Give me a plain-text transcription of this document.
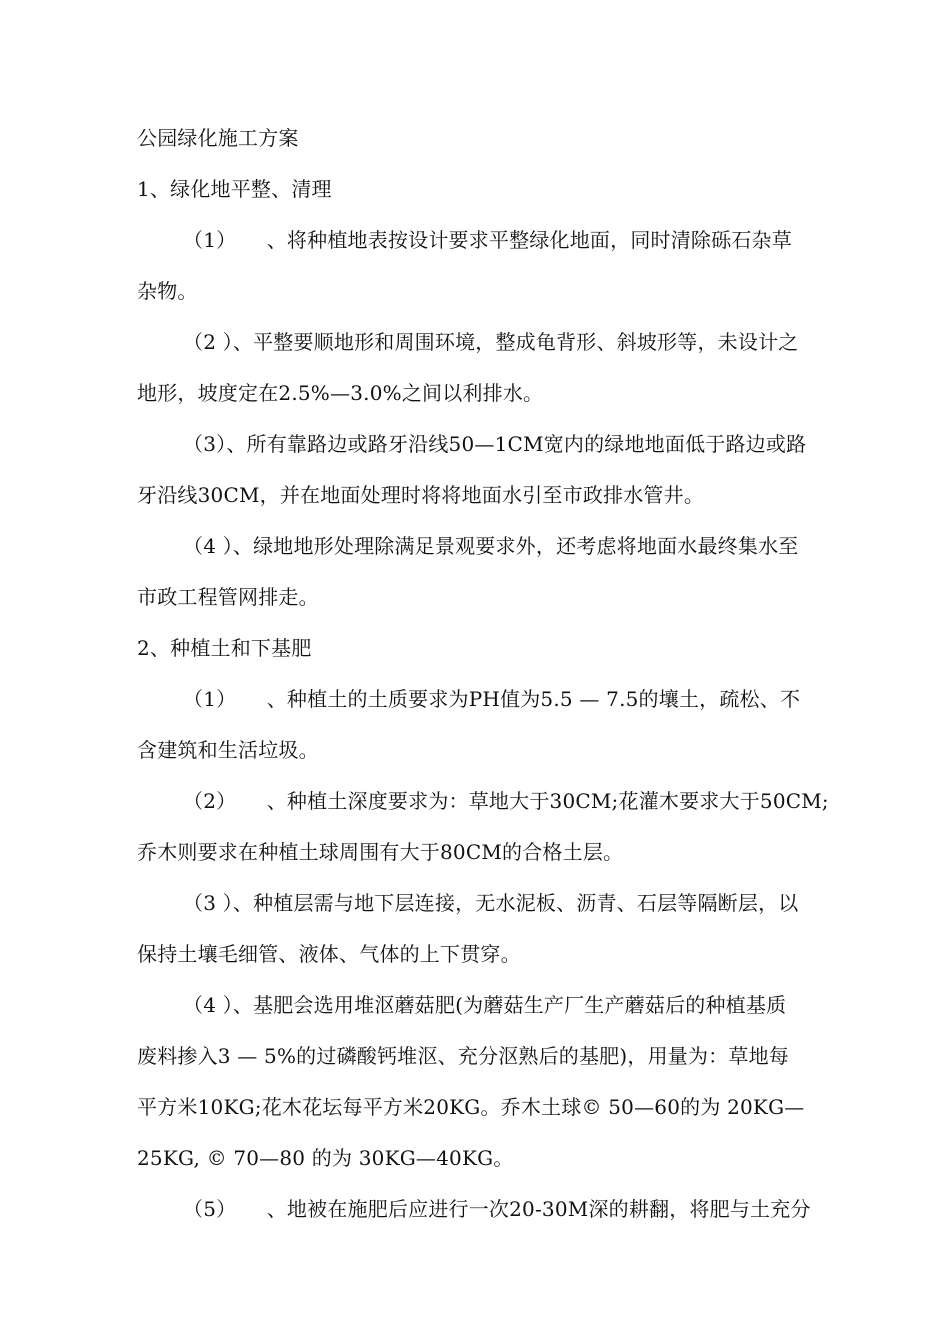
公园绿化施工方案
1、绿化地平整、清理
（1）　　、将种植地表按设计要求平整绿化地面，同时清除砾石杂草
杂物。
（2 ）、平整要顺地形和周围环境，整成龟背形、斜坡形等，未设计之
地形，坡度定在2.5%—3.0%之间以利排水。
（3）、所有靠路边或路牙沿线50—1CM宽内的绿地地面低于路边或路
牙沿线30CM，并在地面处理时将将地面水引至市政排水管井。
（4 ）、绿地地形处理除满足景观要求外，还考虑将地面水最终集水至
市政工程管网排走。
2、种植土和下基肥
（1）　　、种植土的土质要求为PH值为5.5 — 7.5的壤土，疏松、不
含建筑和生活垃圾。
（2）　　、种植土深度要求为：草地大于30CM;花灌木要求大于50CM;
乔木则要求在种植土球周围有大于80CM的合格土层。
（3 ）、种植层需与地下层连接，无水泥板、沥青、石层等隔断层，以
保持土壤毛细管、液体、气体的上下贯穿。
（4 ）、基肥会选用堆沤蘑菇肥(为蘑菇生产厂生产蘑菇后的种植基质
废料掺入3 — 5%的过磷酸钙堆沤、充分沤熟后的基肥)，用量为：草地每
平方米10KG;花木花坛每平方米20KG。乔木土球© 50—60的为 20KG—
25KG, © 70—80 的为 30KG—40KG。
（5）　　、地被在施肥后应进行一次20-30M深的耕翻，将肥与土充分
